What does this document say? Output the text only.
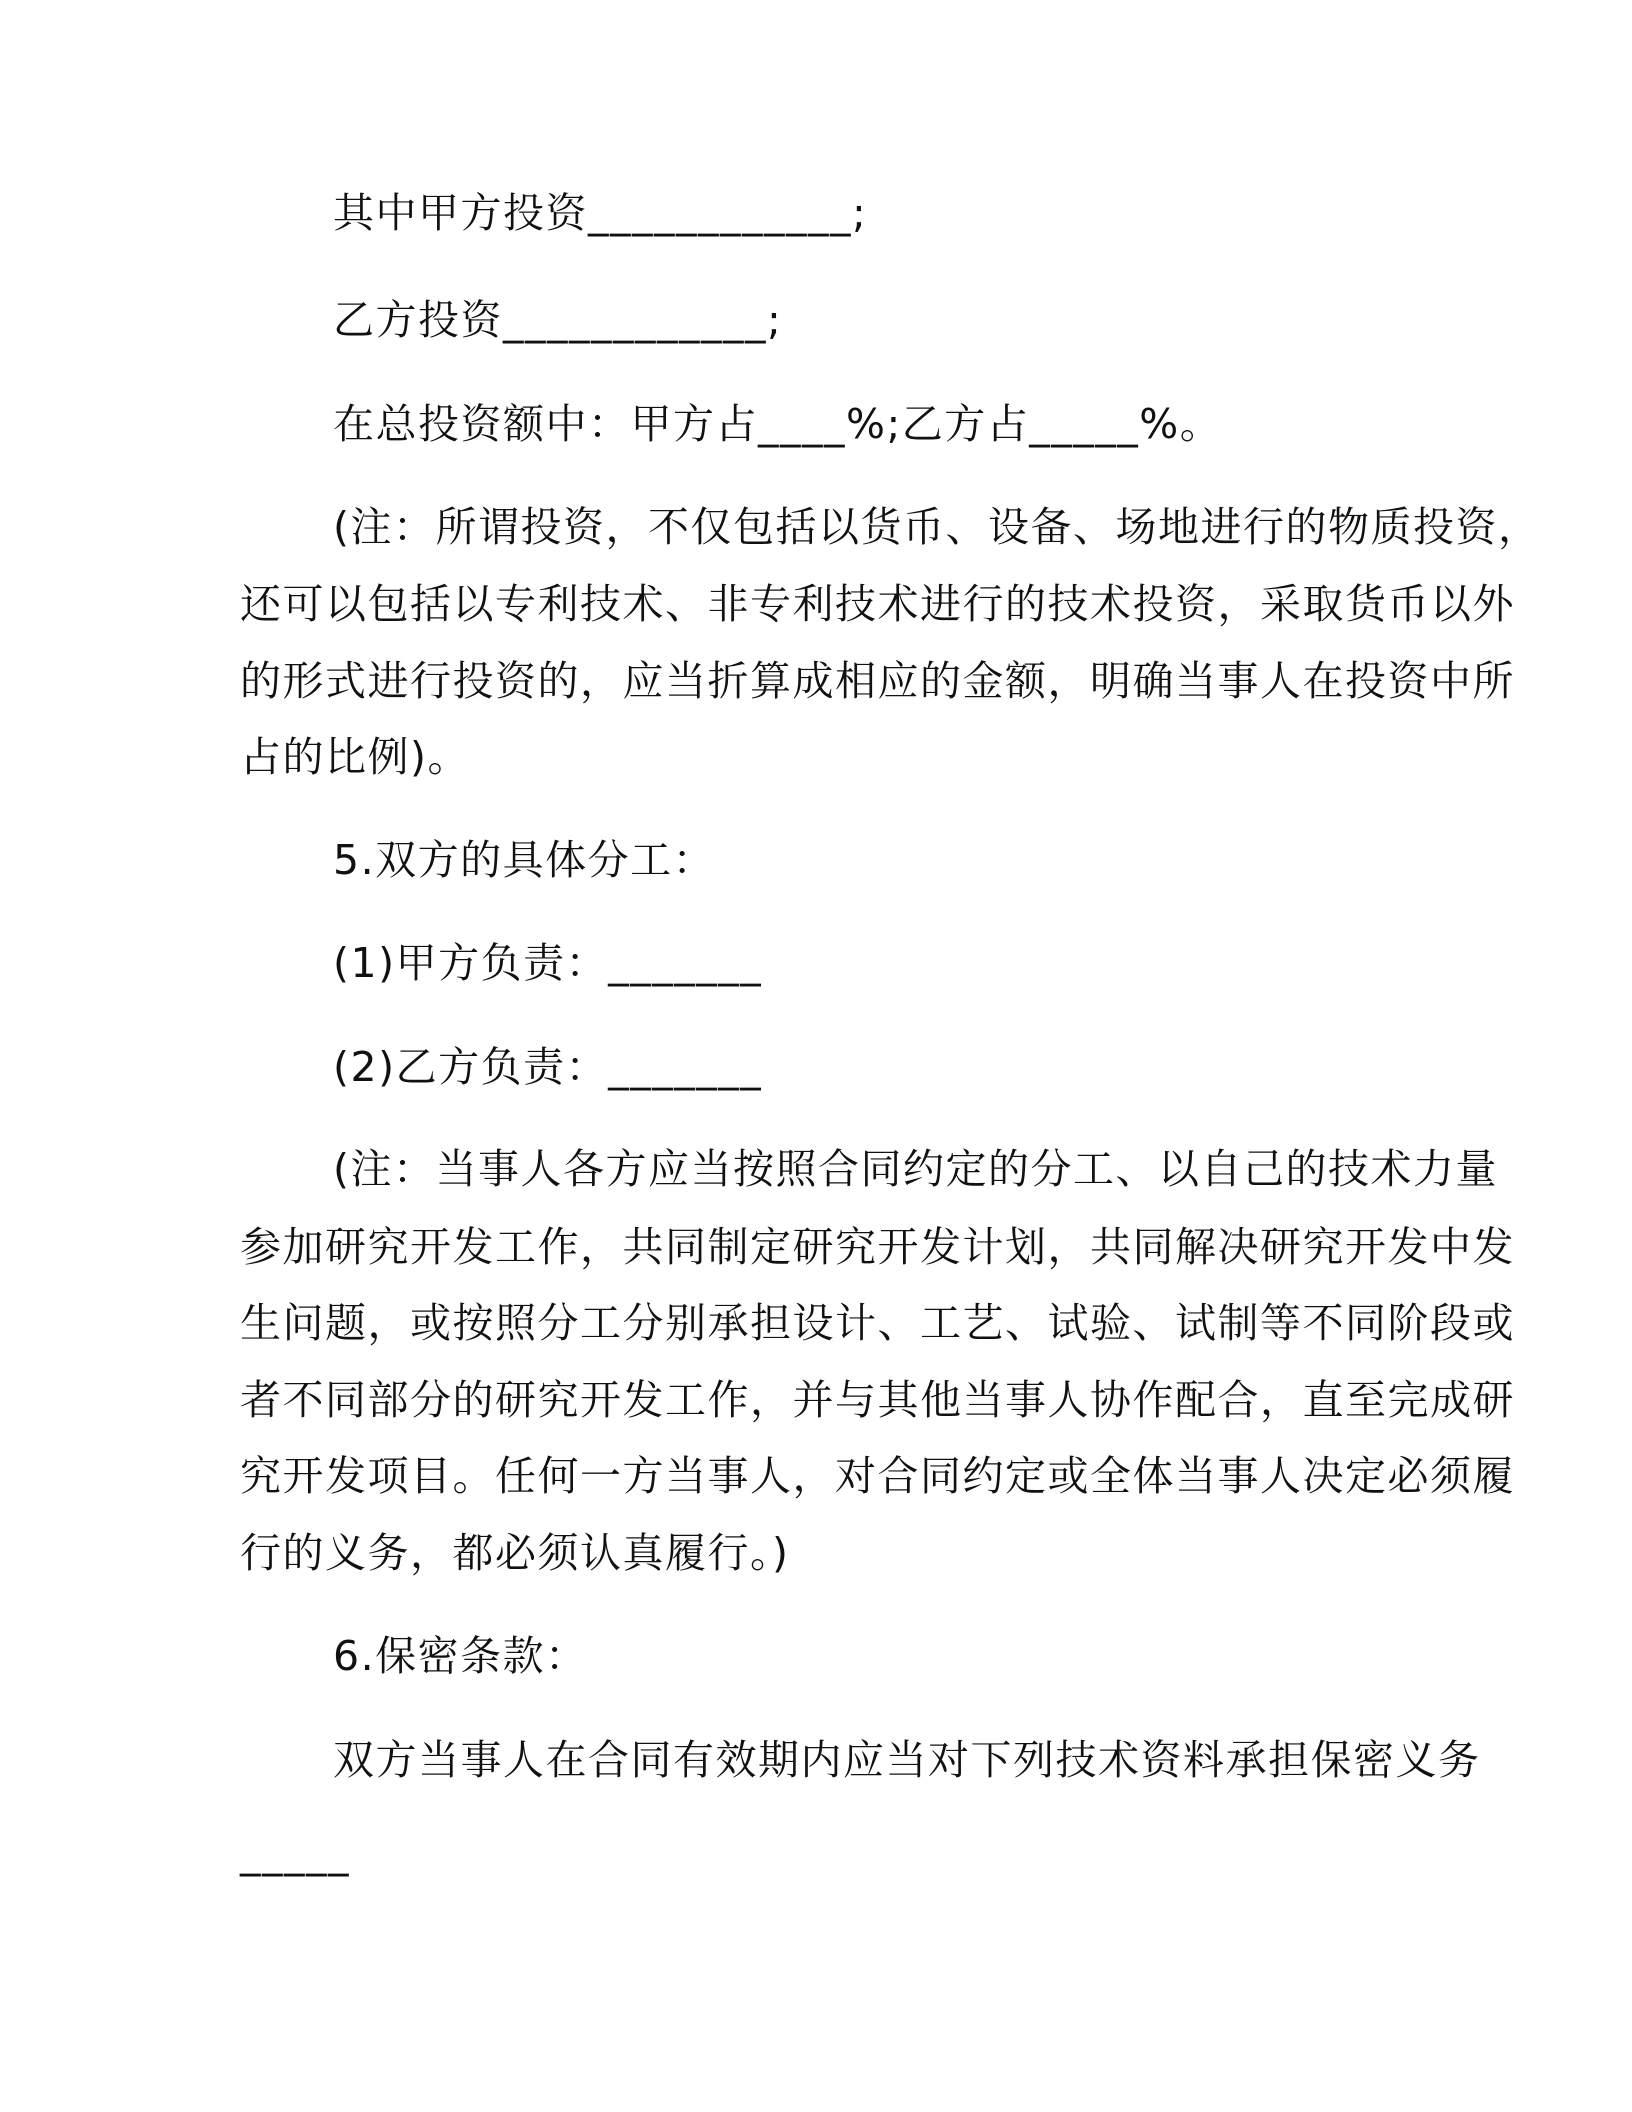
其中甲方投资____________;
乙方投资____________;
在总投资额中：甲方占____%;乙方占_____%。
(注：所谓投资，不仅包括以货币、设备、场地进行的物质投资，
还可以包括以专利技术、非专利技术进行的技术投资，采取货币以外
的形式进行投资的，应当折算成相应的金额，明确当事人在投资中所
占的比例)。
5.双方的具体分工：
(1)甲方负责：_______
(2)乙方负责：_______
(注：当事人各方应当按照合同约定的分工、以自己的技术力量
参加研究开发工作，共同制定研究开发计划，共同解决研究开发中发
生问题，或按照分工分别承担设计、工艺、试验、试制等不同阶段或
者不同部分的研究开发工作，并与其他当事人协作配合，直至完成研
究开发项目。任何一方当事人，对合同约定或全体当事人决定必须履
行的义务，都必须认真履行。)
6.保密条款：
双方当事人在合同有效期内应当对下列技术资料承担保密义务
_____
